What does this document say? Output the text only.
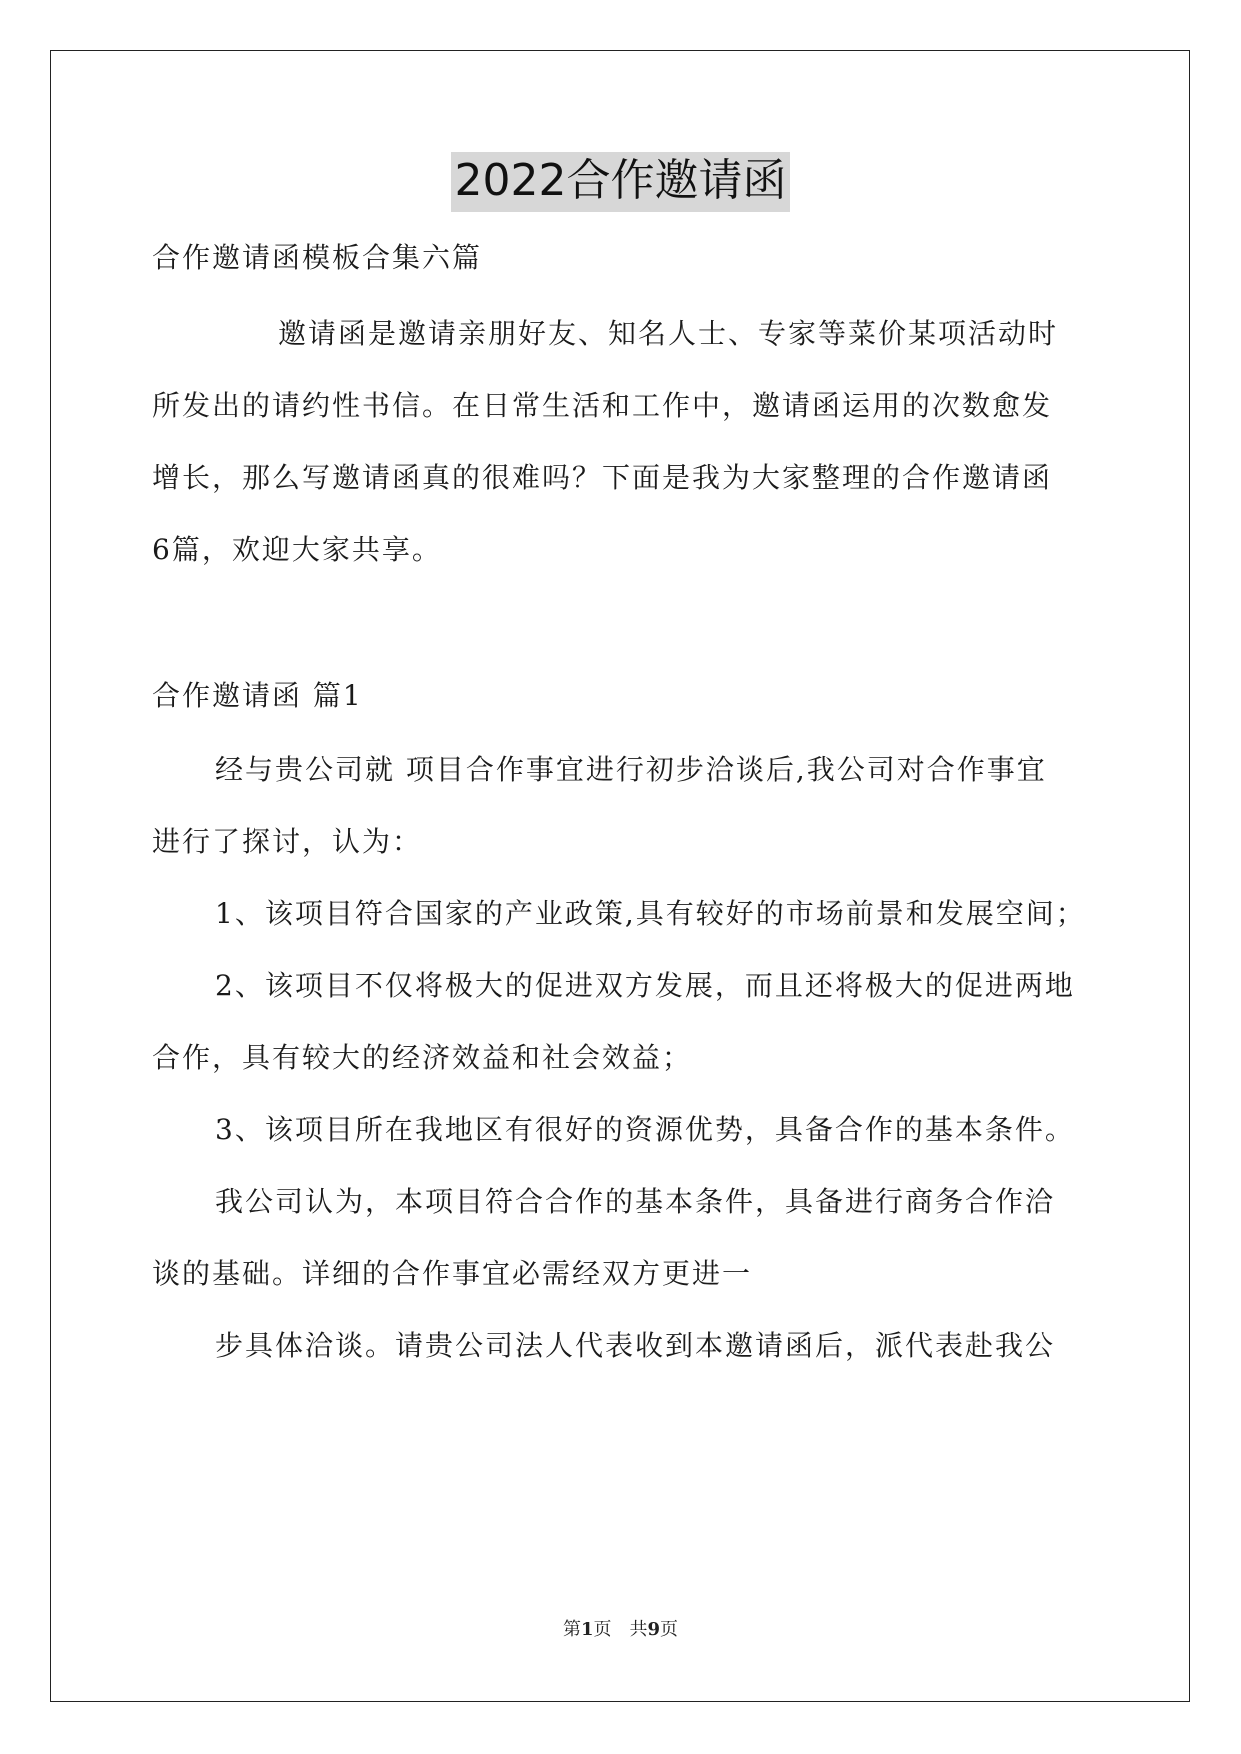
2022合作邀请函
合作邀请函模板合集六篇
邀请函是邀请亲朋好友、知名人士、专家等菜价某项活动时
所发出的请约性书信。在日常生活和工作中，邀请函运用的次数愈发
增长，那么写邀请函真的很难吗？下面是我为大家整理的合作邀请函
6篇，欢迎大家共享。
合作邀请函 篇1
经与贵公司就 项目合作事宜进行初步洽谈后,我公司对合作事宜
进行了探讨，认为：
1、该项目符合国家的产业政策,具有较好的市场前景和发展空间；
2、该项目不仅将极大的促进双方发展，而且还将极大的促进两地
合作，具有较大的经济效益和社会效益；
3、该项目所在我地区有很好的资源优势，具备合作的基本条件。
我公司认为，本项目符合合作的基本条件，具备进行商务合作洽
谈的基础。详细的合作事宜必需经双方更进一
步具体洽谈。请贵公司法人代表收到本邀请函后，派代表赴我公
第1页　共9页
